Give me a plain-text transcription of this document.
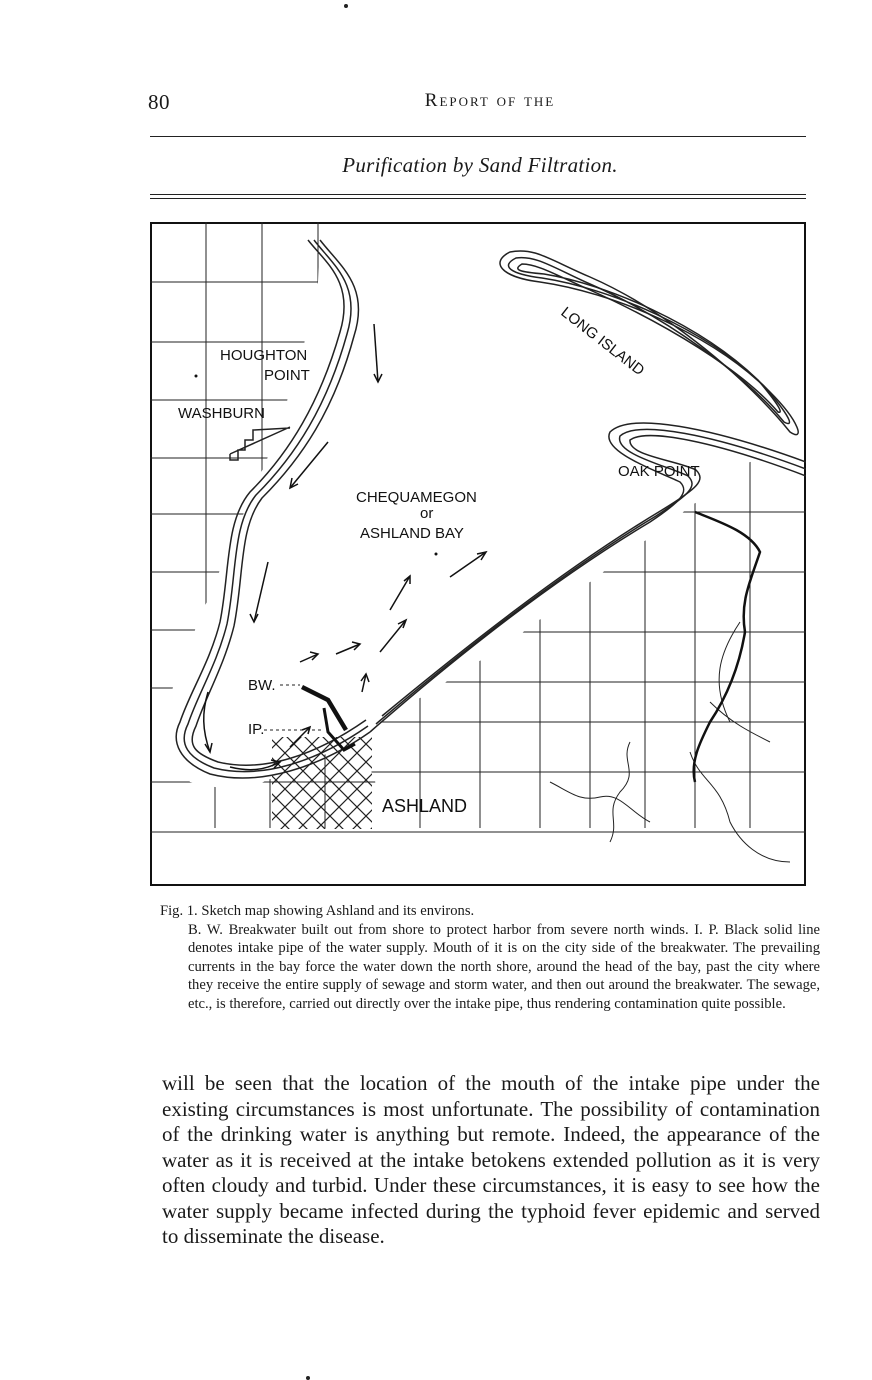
80	Report of the
Purification by Sand Filtration.
HOUGHTON
POINT
WASHBURN
LONG ISLAND
OAK POINT
CHEQUAMEGON
or
ASHLAND BAY
BW.
IP.
ASHLAND
Fig. 1. Sketch map showing Ashland and its environs.
B. W. Breakwater built out from shore to protect harbor from severe north winds. I. P. Black solid line denotes intake pipe of the water supply. Mouth of it is on the city side of the breakwater. The prevailing currents in the bay force the water down the north shore, around the head of the bay, past the city where they receive the entire supply of sewage and storm water, and then out around the breakwater. The sewage, etc., is therefore, carried out directly over the intake pipe, thus rendering contamination quite possible.

will be seen that the location of the mouth of the intake pipe under the existing circumstances is most unfortunate. The possibility of contamination of the drinking water is anything but remote. Indeed, the appearance of the water as it is received at the intake betokens extended pollution as it is very often cloudy and turbid. Under these circumstances, it is easy to see how the water supply became infected during the typhoid fever epidemic and served to disseminate the disease.
